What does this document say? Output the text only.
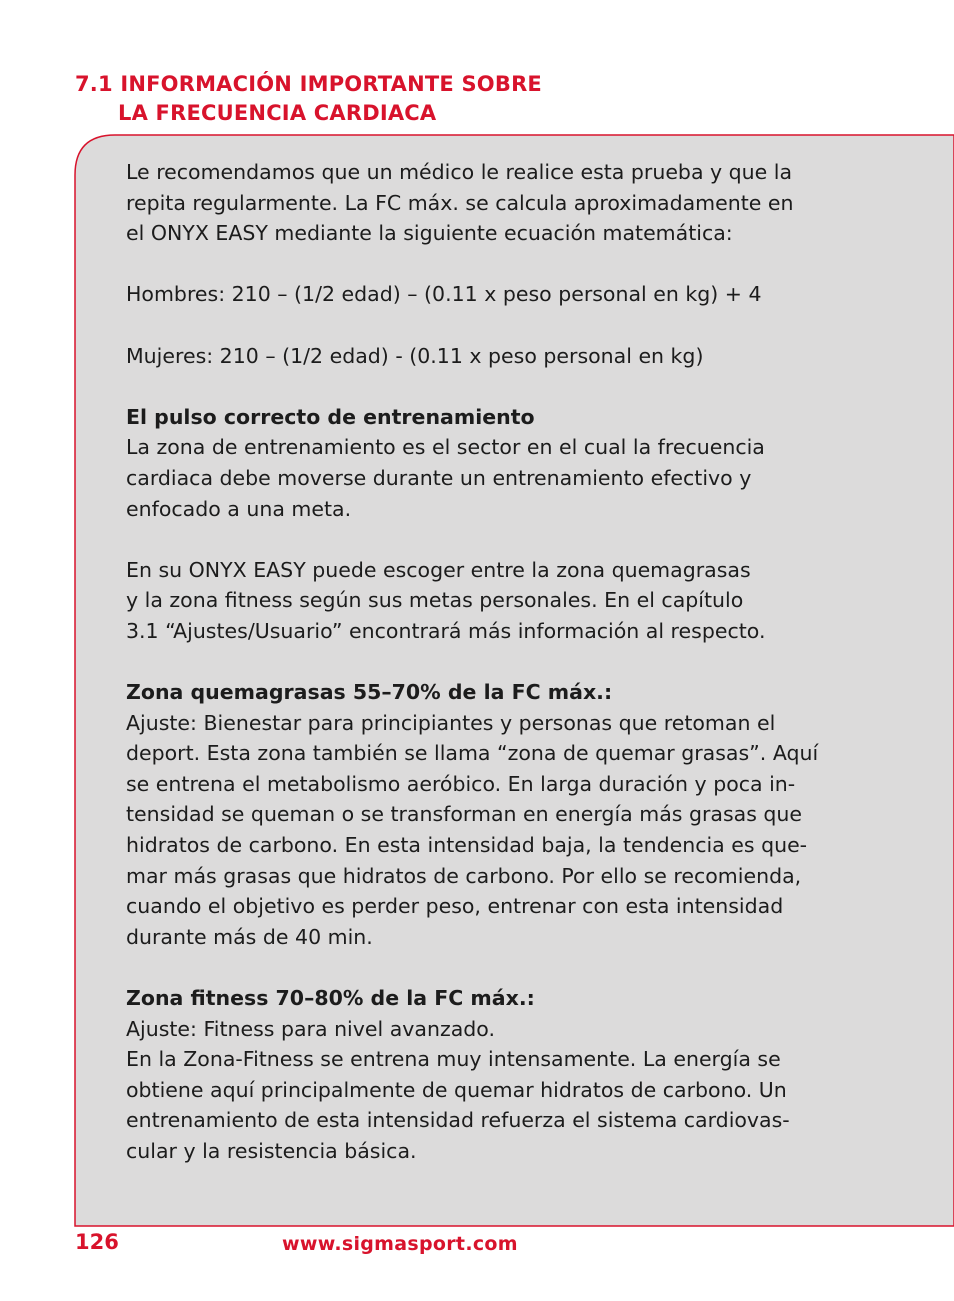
7.1 INFORMACIÓN IMPORTANTE SOBRE
LA FRECUENCIA CARDIACA

Le recomendamos que un médico le realice esta prueba y que la

repita regularmente. La FC máx. se calcula aproximadamente en

el ONYX EASY mediante la siguiente ecuación matemática:

Hombres: 210 – (1/2 edad) – (0.11 x peso personal en kg) + 4

Mujeres: 210 – (1/2 edad) - (0.11 x peso personal en kg)

El pulso correcto de entrenamiento

La zona de entrenamiento es el sector en el cual la frecuencia

cardiaca debe moverse durante un entrenamiento efectivo y

enfocado a una meta.

En su ONYX EASY puede escoger entre la zona quemagrasas

y la zona fitness según sus metas personales. En el capítulo

3.1 “Ajustes/Usuario” encontrará más información al respecto.

Zona quemagrasas 55–70% de la FC máx.:

Ajuste: Bienestar para principiantes y personas que retoman el

deport. Esta zona también se llama “zona de quemar grasas”. Aquí

se entrena el metabolismo aeróbico. En larga duración y poca in-

tensidad se queman o se transforman en energía más grasas que

hidratos de carbono. En esta intensidad baja, la tendencia es que-

mar más grasas que hidratos de carbono. Por ello se recomienda,

cuando el objetivo es perder peso, entrenar con esta intensidad

durante más de 40 min.

Zona fitness 70–80% de la FC máx.:

Ajuste: Fitness para nivel avanzado.

En la Zona-Fitness se entrena muy intensamente. La energía se

obtiene aquí principalmente de quemar hidratos de carbono. Un

entrenamiento de esta intensidad refuerza el sistema cardiovas-

cular y la resistencia básica.

126	www.sigmasport.com
